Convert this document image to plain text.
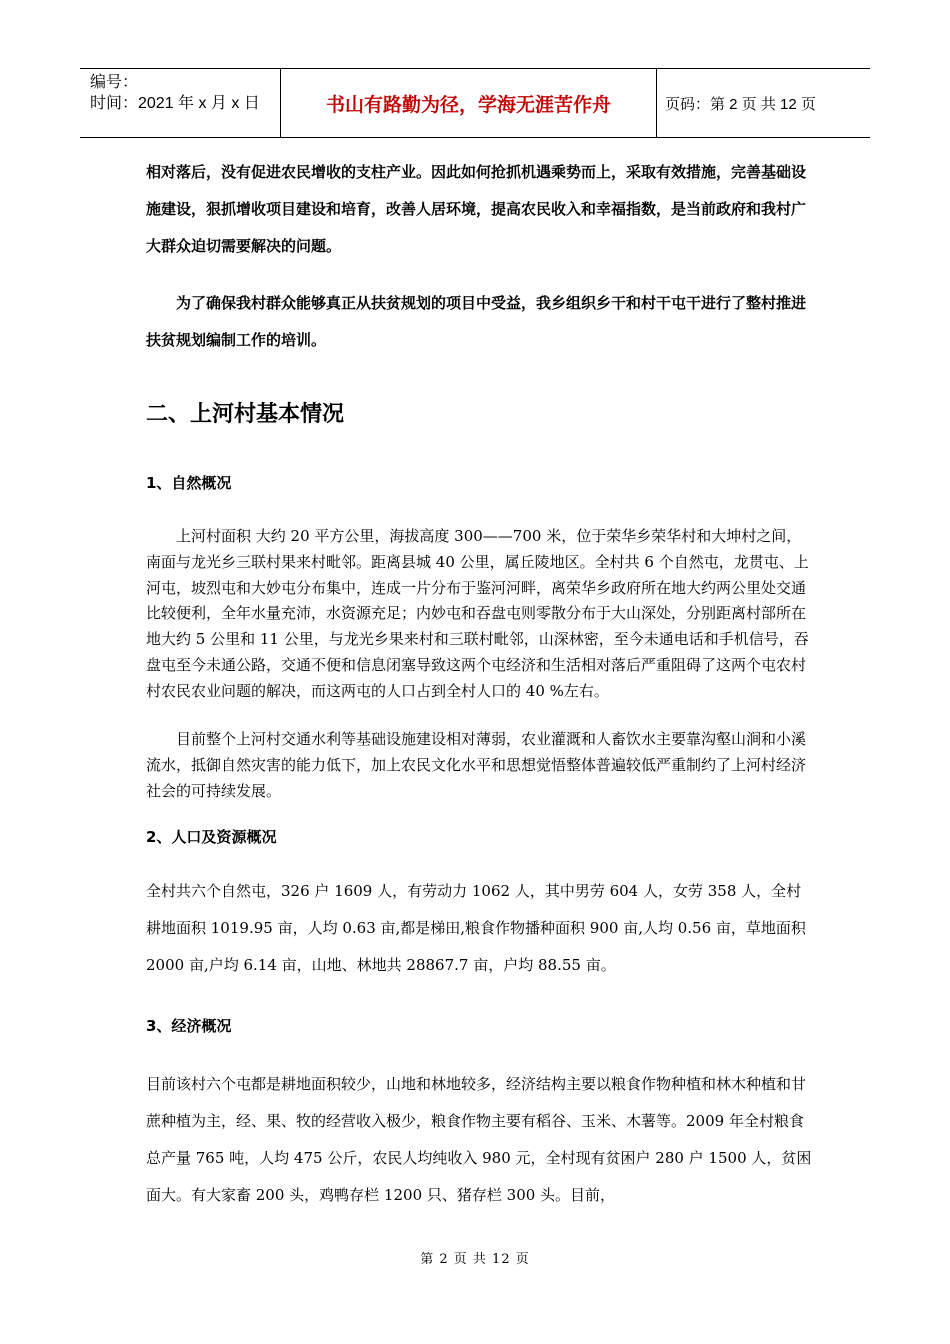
编号：
时间：2021 年 x 月 x 日	书山有路勤为径，学海无涯苦作舟	页码：第 2 页 共 12 页

相对落后，没有促进农民增收的支柱产业。因此如何抢抓机遇乘势而上，采取有效措施，完善基础设施建设，狠抓增收项目建设和培育，改善人居环境，提高农民收入和幸福指数，是当前政府和我村广大群众迫切需要解决的问题。

为了确保我村群众能够真正从扶贫规划的项目中受益，我乡组织乡干和村干屯干进行了整村推进扶贫规划编制工作的培训。

二、上河村基本情况
1、自然概况

上河村面积 大约 20 平方公里，海拔高度 300——700 米，位于荣华乡荣华村和大坤村之间，南面与龙光乡三联村果来村毗邻。距离县城 40 公里，属丘陵地区。全村共 6 个自然屯，龙贯屯、上河屯，坡烈屯和大妙屯分布集中，连成一片分布于鉴河河畔，离荣华乡政府所在地大约两公里处交通比较便利，全年水量充沛，水资源充足；内妙屯和吞盘屯则零散分布于大山深处，分别距离村部所在地大约 5 公里和 11 公里，与龙光乡果来村和三联村毗邻，山深林密，至今未通电话和手机信号，吞盘屯至今未通公路，交通不便和信息闭塞导致这两个屯经济和生活相对落后严重阻碍了这两个屯农村村农民农业问题的解决，而这两屯的人口占到全村人口的 40 %左右。

目前整个上河村交通水利等基础设施建设相对薄弱，农业灌溉和人畜饮水主要靠沟壑山涧和小溪流水，抵御自然灾害的能力低下，加上农民文化水平和思想觉悟整体普遍较低严重制约了上河村经济社会的可持续发展。

2、人口及资源概况

全村共六个自然屯，326 户 1609 人，有劳动力 1062 人，其中男劳 604 人，女劳 358 人，全村耕地面积 1019.95 亩，人均 0.63 亩,都是梯田,粮食作物播种面积 900 亩,人均 0.56 亩，草地面积 2000 亩,户均 6.14 亩，山地、林地共 28867.7 亩，户均 88.55 亩。

3、经济概况

目前该村六个屯都是耕地面积较少，山地和林地较多，经济结构主要以粮食作物种植和林木种植和甘蔗种植为主，经、果、牧的经营收入极少，粮食作物主要有稻谷、玉米、木薯等。2009 年全村粮食总产量 765 吨，人均 475 公斤，农民人均纯收入 980 元，全村现有贫困户 280 户 1500 人，贫困面大。有大家畜 200 头，鸡鸭存栏 1200 只、猪存栏 300 头。目前，

第 2 页 共 12 页
